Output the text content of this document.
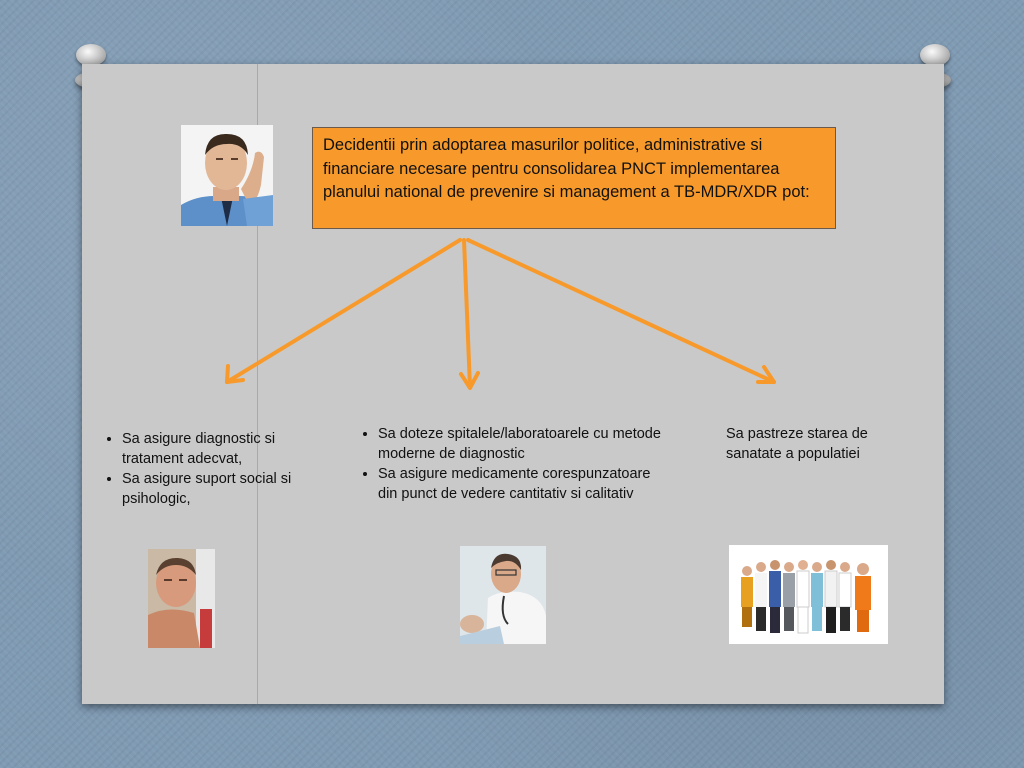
Decidentii prin adoptarea masurilor politice, administrative si financiare necesare pentru consolidarea PNCT implementarea planului national de prevenire si management a TB-MDR/XDR pot:
• Sa asigure diagnostic si tratament adecvat,
• Sa asigure suport social si psihologic,
• Sa doteze spitalele/laboratoarele cu metode moderne de diagnostic
• Sa asigure medicamente corespunzatoare din punct de vedere cantitativ si calitativ
Sa pastreze starea de sanatate a populatiei
